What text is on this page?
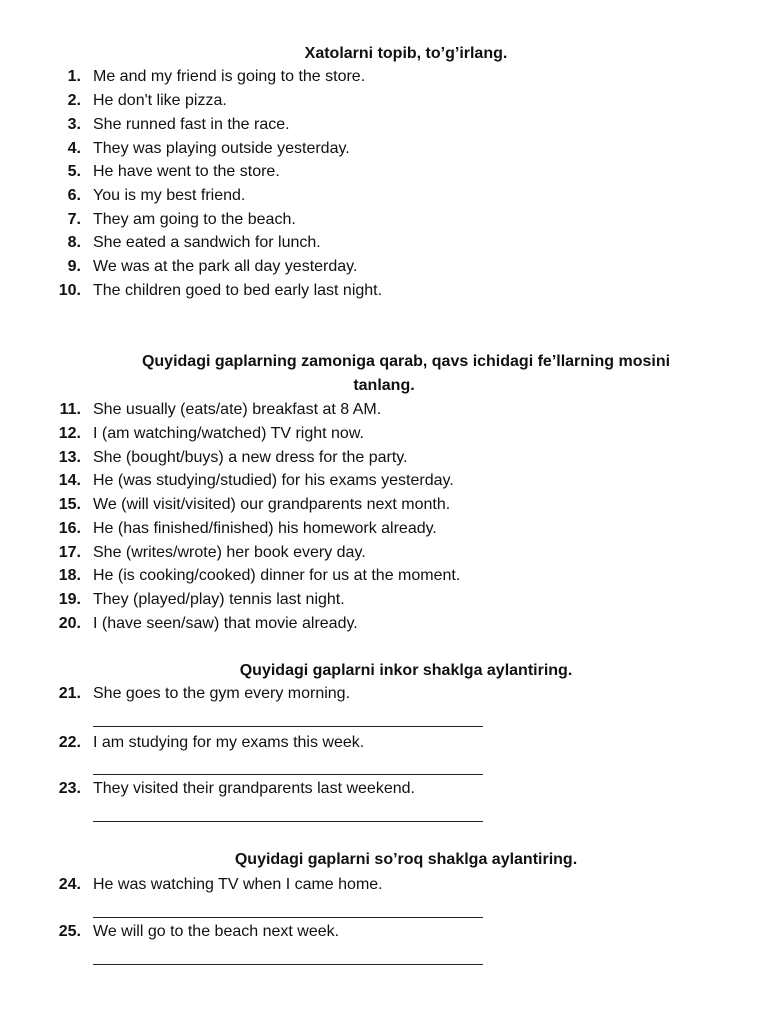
Xatolarni topib, to’g’irlang.
1. Me and my friend is going to the store.
2. He don't like pizza.
3. She runned fast in the race.
4. They was playing outside yesterday.
5. He have went to the store.
6. You is my best friend.
7. They am going to the beach.
8. She eated a sandwich for lunch.
9. We was at the park all day yesterday.
10. The children goed to bed early last night.
Quyidagi gaplarning zamoniga qarab, qavs ichidagi fe’llarning mosini
tanlang.
11. She usually (eats/ate) breakfast at 8 AM.
12. I (am watching/watched) TV right now.
13. She (bought/buys) a new dress for the party.
14. He (was studying/studied) for his exams yesterday.
15. We (will visit/visited) our grandparents next month.
16. He (has finished/finished) his homework already.
17. She (writes/wrote) her book every day.
18. He (is cooking/cooked) dinner for us at the moment.
19. They (played/play) tennis last night.
20. I (have seen/saw) that movie already.
Quyidagi gaplarni inkor shaklga aylantiring.
21. She goes to the gym every morning.
22. I am studying for my exams this week.
23. They visited their grandparents last weekend.
Quyidagi gaplarni so’roq shaklga aylantiring.
24. He was watching TV when I came home.
25. We will go to the beach next week.
